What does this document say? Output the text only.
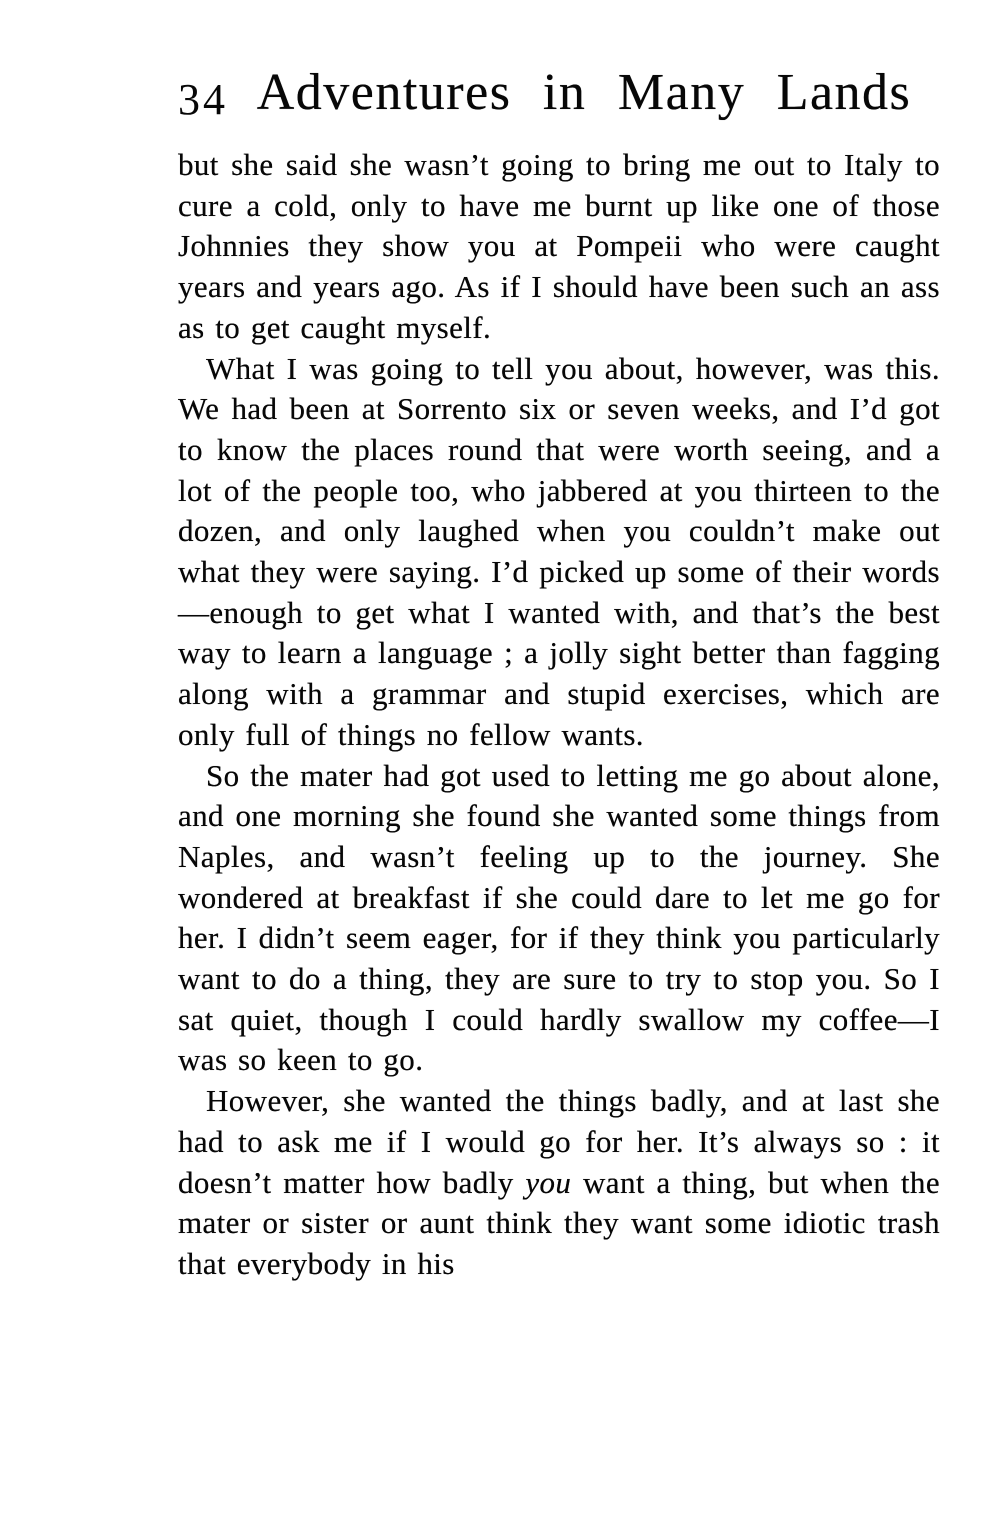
34 Adventures in Many Lands

but she said she wasn’t going to bring me out to Italy to cure a cold, only to have me burnt up like one of those Johnnies they show you at Pompeii who were caught years and years ago. As if I should have been such an ass as to get caught myself.

What I was going to tell you about, however, was this. We had been at Sorrento six or seven weeks, and I’d got to know the places round that were worth seeing, and a lot of the people too, who jabbered at you thirteen to the dozen, and only laughed when you couldn’t make out what they were saying. I’d picked up some of their words—enough to get what I wanted with, and that’s the best way to learn a language ; a jolly sight better than fagging along with a grammar and stupid exercises, which are only full of things no fellow wants.

So the mater had got used to letting me go about alone, and one morning she found she wanted some things from Naples, and wasn’t feeling up to the journey. She wondered at breakfast if she could dare to let me go for her. I didn’t seem eager, for if they think you particularly want to do a thing, they are sure to try to stop you. So I sat quiet, though I could hardly swallow my coffee—I was so keen to go.

However, she wanted the things badly, and at last she had to ask me if I would go for her. It’s always so : it doesn’t matter how badly you want a thing, but when the mater or sister or aunt think they want some idiotic trash that everybody in his
